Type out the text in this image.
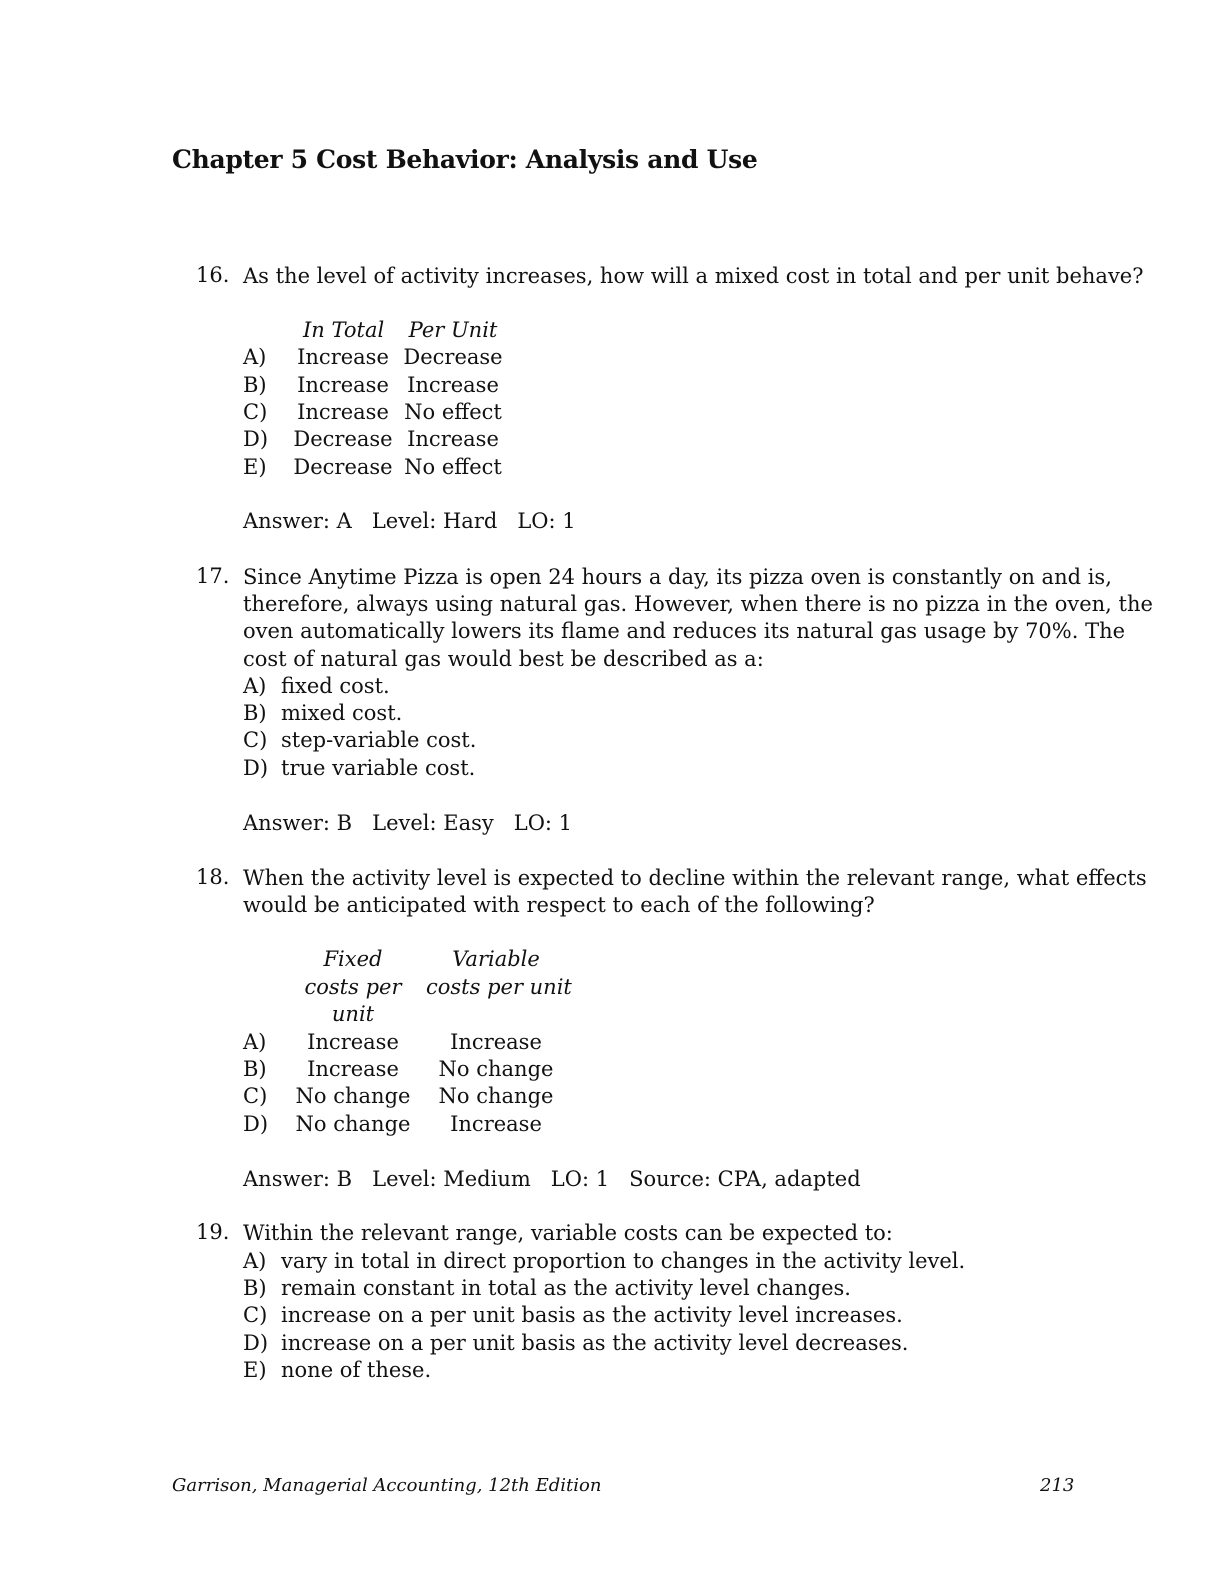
Chapter 5 Cost Behavior: Analysis and Use
16. As the level of activity increases, how will a mixed cost in total and per unit behave?
In Total Per Unit
A) Increase Decrease
B) Increase Increase
C) Increase No effect
D) Decrease Increase
E) Decrease No effect
Answer: A   Level: Hard   LO: 1
17. Since Anytime Pizza is open 24 hours a day, its pizza oven is constantly on and is,
therefore, always using natural gas. However, when there is no pizza in the oven, the
oven automatically lowers its flame and reduces its natural gas usage by 70%. The
cost of natural gas would best be described as a:
A) fixed cost.
B) mixed cost.
C) step-variable cost.
D) true variable cost.
Answer: B   Level: Easy   LO: 1
18. When the activity level is expected to decline within the relevant range, what effects
would be anticipated with respect to each of the following?
Fixed	Variable
costs per	costs per unit
unit
A)	Increase	Increase
B)	Increase	No change
C) No change	No change
D) No change	Increase
Answer: B   Level: Medium   LO: 1   Source: CPA, adapted
19. Within the relevant range, variable costs can be expected to:
A) vary in total in direct proportion to changes in the activity level.
B) remain constant in total as the activity level changes.
C) increase on a per unit basis as the activity level increases.
D) increase on a per unit basis as the activity level decreases.
E) none of these.
Garrison, Managerial Accounting, 12th Edition	213
